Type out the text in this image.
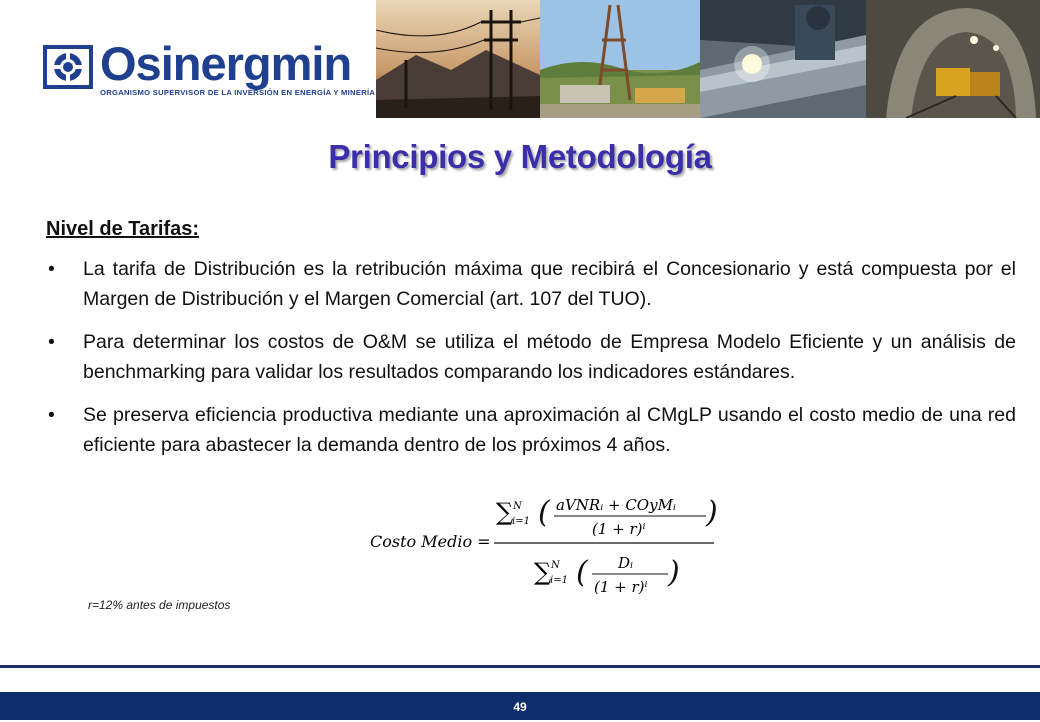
Osinergmin
ORGANISMO SUPERVISOR DE LA INVERSIÓN EN ENERGÍA Y MINERÍA
Principios y Metodología
Nivel de Tarifas:
• La tarifa de Distribución es la retribución máxima que recibirá el Concesionario y está compuesta por el Margen de Distribución y el Margen Comercial (art. 107 del TUO).
• Para determinar los costos de O&M se utiliza el método de Empresa Modelo Eficiente y un análisis de benchmarking para validar los resultados comparando los indicadores estándares.
• Se preserva eficiencia productiva mediante una aproximación al CMgLP usando el costo medio de una red eficiente para abastecer la demanda dentro de los próximos 4 años.
Costo Medio =
∑ N
i=1 ( aVNRᵢ + COyMᵢ
(1 + r)ⁱ )
∑ N
i=1 ( Dᵢ
(1 + r)ⁱ )
r=12% antes de impuestos
49
